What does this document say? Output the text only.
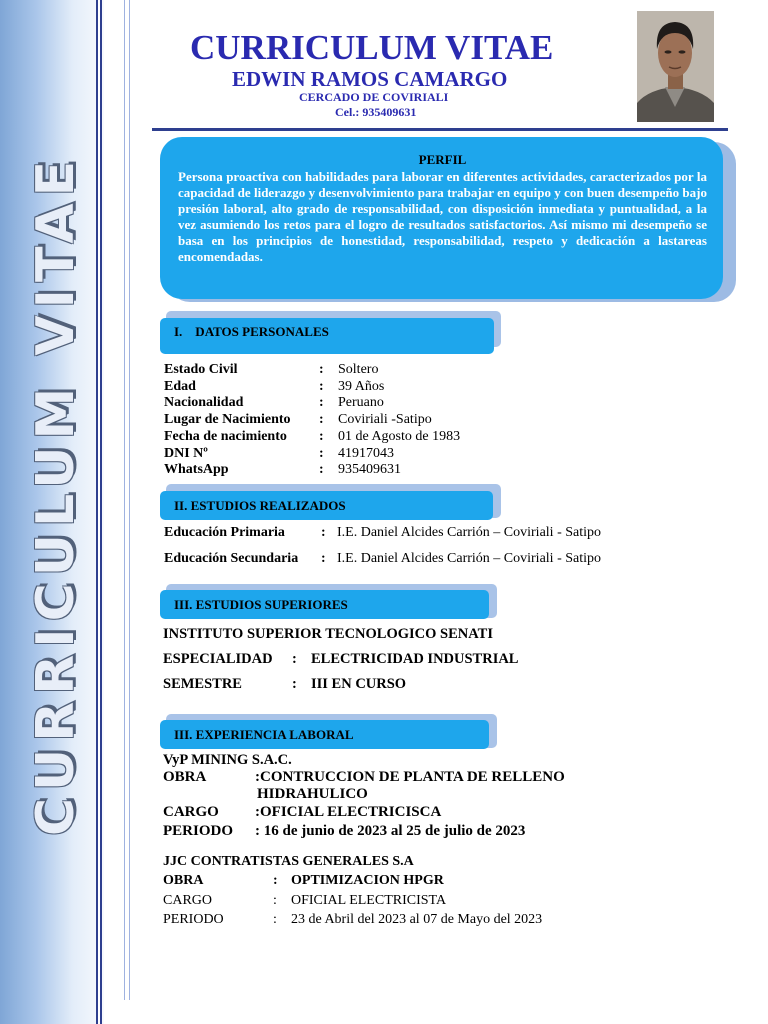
CURRICULUM VITAE
CURRICULUM VITAE
EDWIN RAMOS CAMARGO
CERCADO DE COVIRIALI
Cel.: 935409631
PERFIL
Persona proactiva con habilidades para laborar en diferentes actividades, caracterizados por la capacidad de liderazgo y desenvolvimiento para trabajar en equipo y con buen desempeño bajo presión laboral, alto grado de responsabilidad, con disposición inmediata y puntualidad, a la vez asumiendo los retos para el logro de resultados satisfactorios. Así mismo mi desempeño se basa en los principios de honestidad, responsabilidad, respeto y dedicación a lastareas encomendadas.
I.    DATOS PERSONALES
Estado Civil	: Soltero
Edad	: 39 Años
Nacionalidad	: Peruano
Lugar de Nacimiento : Coviriali -Satipo
Fecha de nacimiento : 01 de Agosto de 1983
DNI Nº	: 41917043
WhatsApp	: 935409631
II. ESTUDIOS REALIZADOS
Educación Primaria	: I.E. Daniel Alcides Carrión – Coviriali - Satipo
Educación Secundaria : I.E. Daniel Alcides Carrión – Coviriali - Satipo
III. ESTUDIOS SUPERIORES
INSTITUTO SUPERIOR TECNOLOGICO SENATI
ESPECIALIDAD : ELECTRICIDAD INDUSTRIAL
SEMESTRE	: III EN CURSO
III. EXPERIENCIA LABORAL
VyP MINING S.A.C.
OBRA	:CONTRUCCION DE PLANTA DE RELLENO
HIDRAHULICO
CARGO :OFICIAL ELECTRICISCA
PERIODO : 16 de junio de 2023 al 25 de julio de 2023
JJC CONTRATISTAS GENERALES S.A
OBRA	: OPTIMIZACION HPGR
CARGO	: OFICIAL ELECTRICISTA
PERIODO	: 23 de Abril del 2023 al 07 de Mayo del 2023
